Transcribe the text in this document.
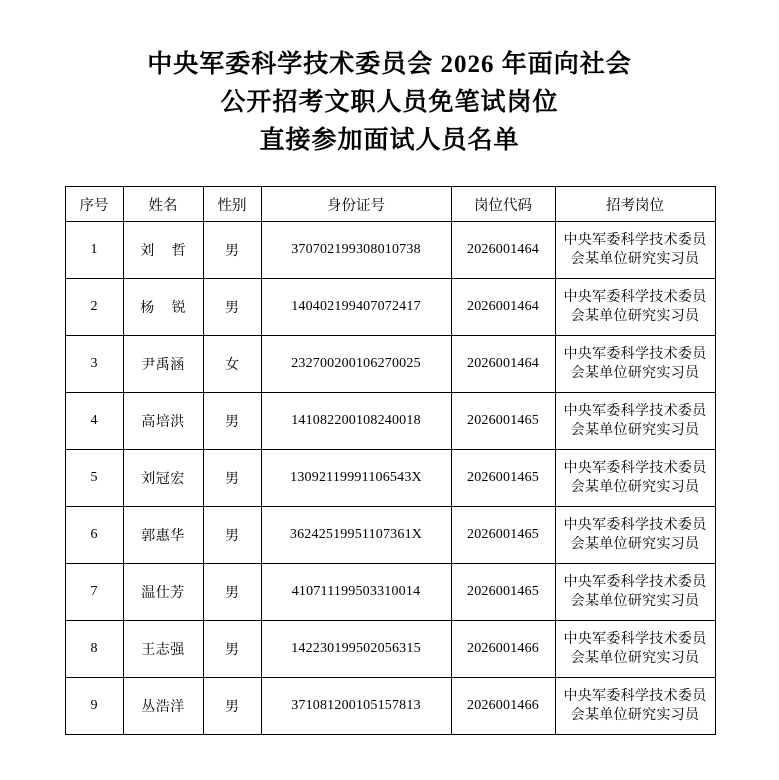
中央军委科学技术委员会 2026 年面向社会
公开招考文职人员免笔试岗位
直接参加面试人员名单
序号	姓名	性别	身份证号	岗位代码	招考岗位
1	刘 哲	男	370702199308010738	2026001464	中央军委科学技术委员
会某单位研究实习员

2	杨 锐	男	140402199407072417	2026001464	中央军委科学技术委员
会某单位研究实习员

3	尹禹涵	女	232700200106270025	2026001464	中央军委科学技术委员
会某单位研究实习员

4	高培洪	男	141082200108240018	2026001465	中央军委科学技术委员
会某单位研究实习员

5	刘冠宏	男	13092119991106543X	2026001465	中央军委科学技术委员
会某单位研究实习员

6	郭惠华	男	36242519951107361X	2026001465	中央军委科学技术委员
会某单位研究实习员

7	温仕芳	男	410711199503310014	2026001465	中央军委科学技术委员
会某单位研究实习员

8	王志强	男	142230199502056315	2026001466	中央军委科学技术委员
会某单位研究实习员

9	丛浩洋	男	371081200105157813	2026001466	中央军委科学技术委员
会某单位研究实习员
